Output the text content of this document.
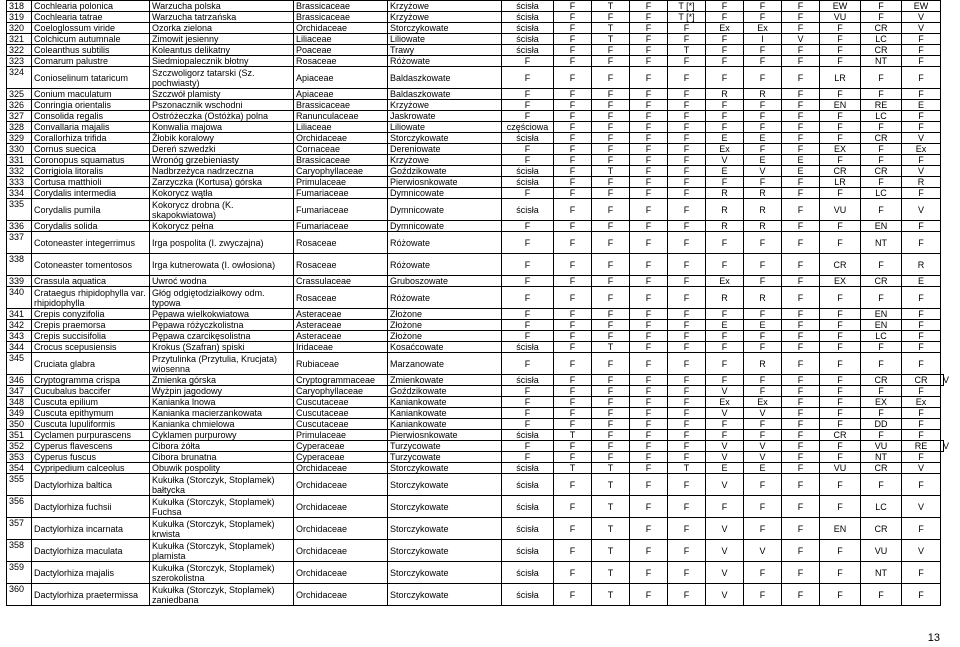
318	Cochlearia polonica	Warzucha polska	Brassicaceae	Krzyżowe	ścisła	F	T	F	T [*]	F	F	F	EW	F	EW	
319	Cochlearia tatrae	Warzucha tatrzańska	Brassicaceae	Krzyżowe	ścisła	F	F	F	T [*]	F	F	F	VU	F	V	
320	Coeloglossum viride	Ozorka zielona	Orchidaceae	Storczykowate	ścisła	F	T	F	F	Ex	Ex	F	F	CR	V	
321	Colchicum autumnale	Zimowit jesienny	Liliaceae	Liliowate	ścisła	F	T	F	F	F	I	V	F	LC	F	
322	Coleanthus subtilis	Koleantus delikatny	Poaceae	Trawy	ścisła	F	F	F	T	F	F	F	F	CR	F	
323	Comarum palustre	Siedmiopalecznik błotny	Rosaceae	Różowate	F	F	F	F	F	F	F	F	F	NT	F	
324	Conioselinum tataricum	Szczwoligorz tatarski (Sz. pochwiasty)	Apiaceae	Baldaszkowate	F	F	F	F	F	F	F	F	LR	F	F	
325	Conium maculatum	Szczwół plamisty	Apiaceae	Baldaszkowate	F	F	F	F	F	R	R	F	F	F	F	
326	Conringia orientalis	Pszonacznik wschodni	Brassicaceae	Krzyżowe	F	F	F	F	F	F	F	F	EN	RE	E	
327	Consolida regalis	Ostróżeczka (Ostóżka) polna	Ranunculaceae	Jaskrowate	F	F	F	F	F	F	F	F	F	LC	F	
328	Convallaria majalis	Konwalia majowa	Liliaceae	Liliowate	częściowa	F	F	F	F	F	F	F	F	F	F	
329	Corallorhiza trifida	Żłobik koralowy	Orchidaceae	Storczykowate	ścisła	F	F	F	F	E	E	F	F	CR	V	
330	Cornus suecica	Dereń szwedzki	Cornaceae	Dereniowate	F	F	F	F	F	Ex	F	F	EX	F	Ex	
331	Coronopus squamatus	Wronóg grzebieniasty	Brassicaceae	Krzyżowe	F	F	F	F	F	V	E	E	F	F	F	
332	Corrigiola litoralis	Nadbrzeżyca nadrzeczna	Caryophyllaceae	Goździkowate	ścisła	F	T	F	F	E	V	E	CR	CR	V	
333	Cortusa matthioli	Zarzyczka (Kortusa) górska	Primulaceae	Pierwiosnkowate	ścisła	F	F	F	F	F	F	F	LR	F	R	
334	Corydalis intermedia	Kokorycz wątła	Fumariaceae	Dymnicowate	F	F	F	F	F	R	R	F	F	LC	F	
335	Corydalis pumila	Kokorycz drobna (K. skapokwiatowa)	Fumariaceae	Dymnicowate	ścisła	F	F	F	F	R	R	F	VU	F	V	
336	Corydalis solida	Kokorycz pełna	Fumariaceae	Dymnicowate	F	F	F	F	F	R	R	F	F	EN	F	
337	Cotoneaster integerrimus	Irga pospolita (I. zwyczajna)	Rosaceae	Różowate	F	F	F	F	F	F	F	F	F	NT	F	
338	Cotoneaster tomentosos	Irga kutnerowata (I. owłosiona)	Rosaceae	Różowate	F	F	F	F	F	F	F	F	CR	F	R	
339	Crassula aquatica	Uwroć wodna	Crassulaceae	Gruboszowate	F	F	F	F	F	Ex	F	F	EX	CR	E	
340	Crataegus rhipidophylla var. rhipidophylla	Głóg odgiętodziałkowy odm. typowa	Rosaceae	Różowate	F	F	F	F	F	R	R	F	F	F	F	
341	Crepis conyzifolia	Pępawa wielkokwiatowa	Asteraceae	Złożone	F	F	F	F	F	F	F	F	F	EN	F	
342	Crepis praemorsa	Pępawa różyczkolistna	Asteraceae	Złożone	F	F	F	F	F	E	E	F	F	EN	F	
343	Crepis succisifolia	Pępawa czarcikęsolistna	Asteraceae	Złożone	F	F	F	F	F	F	F	F	F	LC	F	
344	Crocus scepusiensis	Krokus (Szafran) spiski	Iridaceae	Kosaćcowate	ścisła	F	T	F	F	F	F	F	F	F	F	
345	Cruciata glabra	Przytulinka (Przytulia, Krucjata) wiosenna	Rubiaceae	Marzanowate	F	F	F	F	F	F	R	F	F	F	F	
346	Cryptogramma crispa	Zmienka górska	Cryptogrammaceae	Zmienkowate	ścisła	F	F	F	F	F	F	F	F	CR	CR	V
347	Cucubalus baccifer	Wyżpin jagodowy	Caryophyllaceae	Goździkowate	F	F	F	F	F	V	F	F	F	F	F	
348	Cuscuta epilium	Kanianka lnowa	Cuscutaceae	Kaniankowate	F	F	F	F	F	Ex	Ex	F	F	EX	Ex	
349	Cuscuta epithymum	Kanianka macierzankowata	Cuscutaceae	Kaniankowate	F	F	F	F	F	V	V	F	F	F	F	
350	Cuscuta lupuliformis	Kanianka chmielowa	Cuscutaceae	Kaniankowate	F	F	F	F	F	F	F	F	F	DD	F	
351	Cyclamen purpurascens	Cyklamen purpurowy	Primulaceae	Pierwiosnkowate	ścisła	T	F	F	F	F	F	F	CR	F	F	
352	Cyperus flavescens	Cibora żółta	Cyperaceae	Turzycowate	F	F	F	F	F	V	V	F	F	VU	RE	V
353	Cyperus fuscus	Cibora brunatna	Cyperaceae	Turzycowate	F	F	F	F	F	V	V	F	F	NT	F	
354	Cypripedium calceolus	Obuwik pospolity	Orchidaceae	Storczykowate	ścisła	T	T	F	T	E	E	F	VU	CR	V	
355	Dactylorhiza baltica	Kukułka (Storczyk, Stoplamek) bałtycka	Orchidaceae	Storczykowate	ścisła	F	T	F	F	V	F	F	F	F	F	
356	Dactylorhiza fuchsii	Kukułka (Storczyk, Stoplamek) Fuchsa	Orchidaceae	Storczykowate	ścisła	F	T	F	F	F	F	F	F	LC	V	
357	Dactylorhiza incarnata	Kukułka (Storczyk, Stoplamek) krwista	Orchidaceae	Storczykowate	ścisła	F	T	F	F	V	F	F	EN	CR	F	
358	Dactylorhiza maculata	Kukułka (Storczyk, Stoplamek) plamista	Orchidaceae	Storczykowate	ścisła	F	T	F	F	V	V	F	F	VU	V	
359	Dactylorhiza majalis	Kukułka (Storczyk, Stoplamek) szerokolistna	Orchidaceae	Storczykowate	ścisła	F	T	F	F	V	F	F	F	NT	F	
360	Dactylorhiza praetermissa	Kukułka (Storczyk, Stoplamek) zaniedbana	Orchidaceae	Storczykowate	ścisła	F	T	F	F	V	F	F	F	F	F	
13
